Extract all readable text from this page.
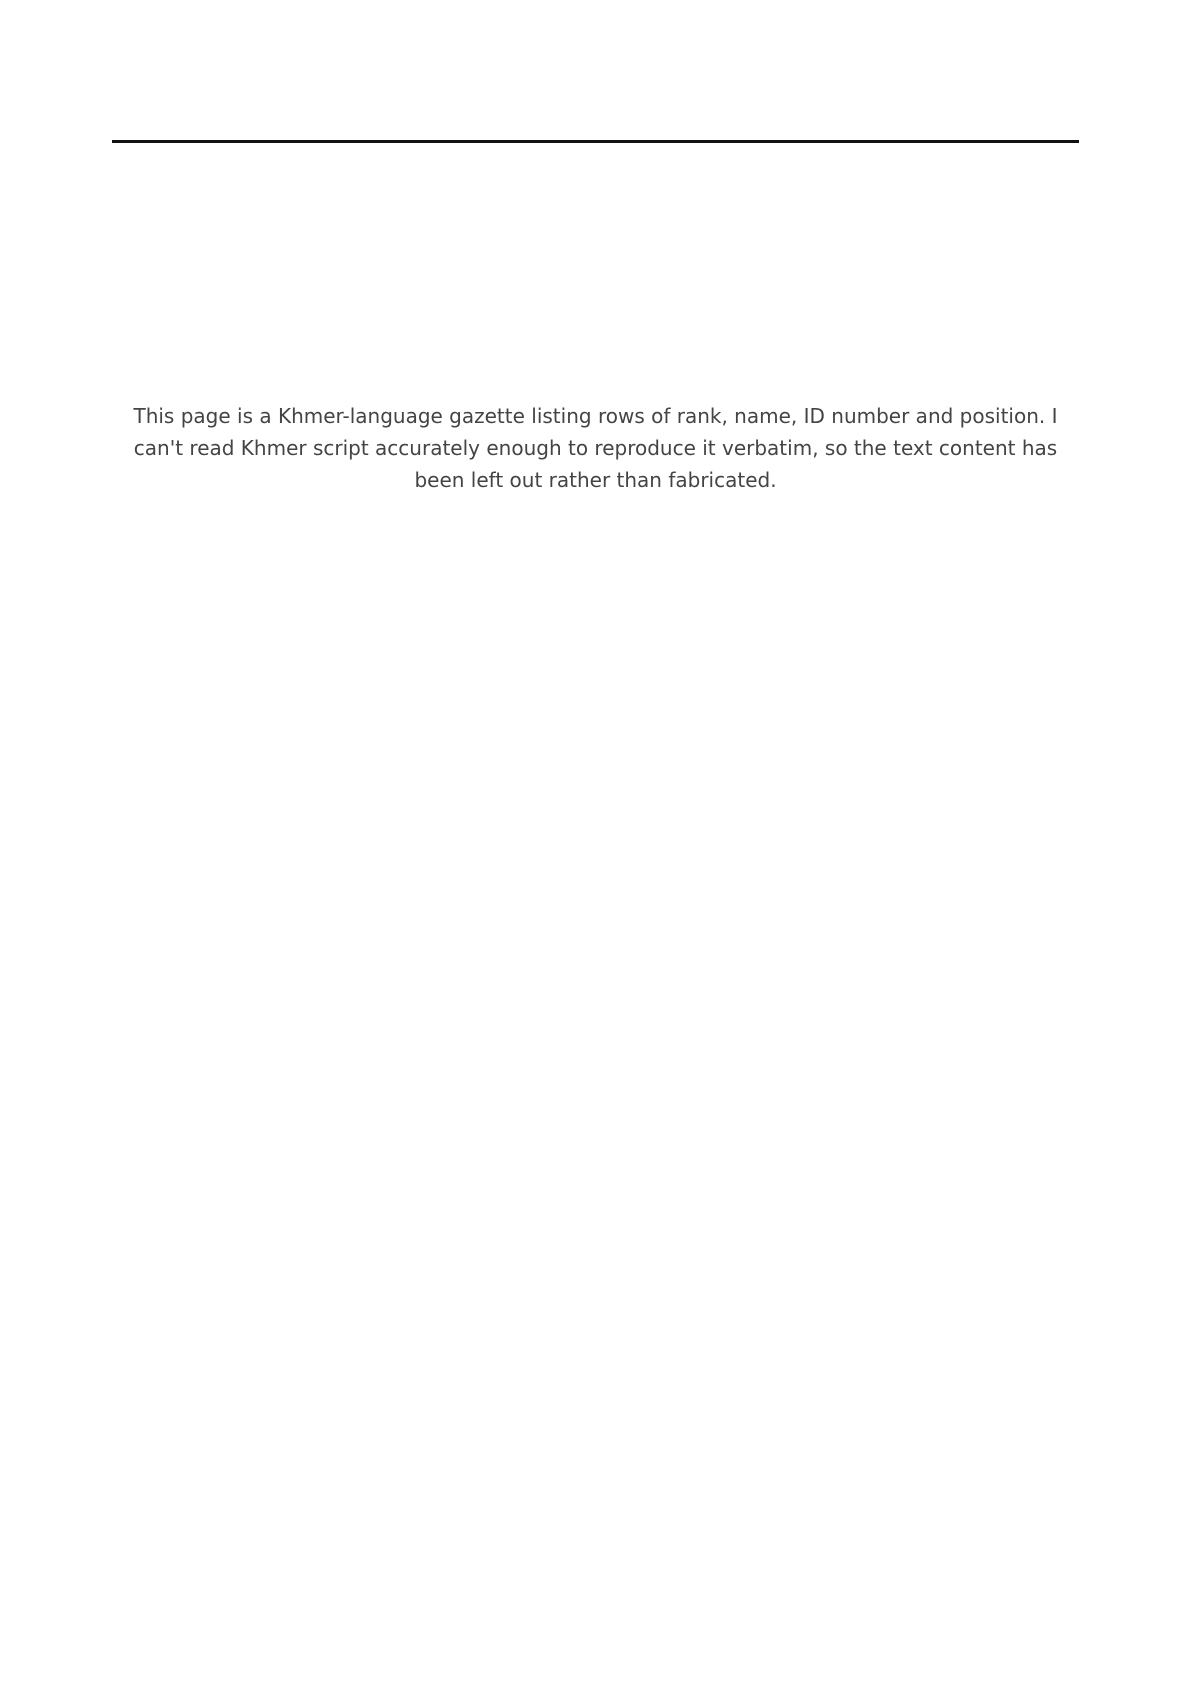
This page is a Khmer-language gazette listing rows of rank, name, ID number and position. I can't read Khmer script accurately enough to reproduce it verbatim, so the text content has been left out rather than fabricated.
